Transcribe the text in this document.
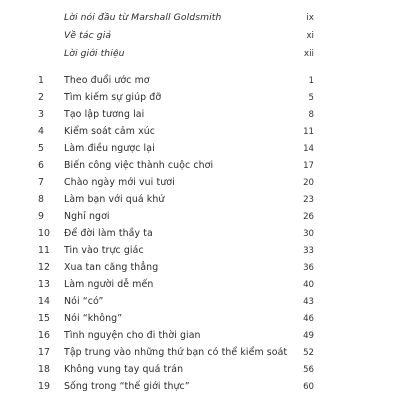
Lời nói đầu từ Marshall Goldsmith	ix
Về tác giả	xi
Lời giới thiệu	xii
1	Theo đuổi ước mơ	1
2	Tìm kiếm sự giúp đỡ	5
3	Tạo lập tương lai	8
4	Kiểm soát cảm xúc	11
5	Làm điều ngược lại	14
6	Biến công việc thành cuộc chơi	17
7	Chào ngày mới vui tươi	20
8	Làm bạn với quá khứ	23
9	Nghỉ ngơi	26
10	Để đời làm thầy ta	30
11	Tin vào trực giác	33
12	Xua tan căng thẳng	36
13	Làm người dễ mến	40
14	Nói “có”	43
15	Nói “không”	46
16	Tình nguyện cho đi thời gian	49
17	Tập trung vào những thứ bạn có thể kiểm soát 52
18	Không vung tay quá trán	56
19	Sống trong “thế giới thực”	60
